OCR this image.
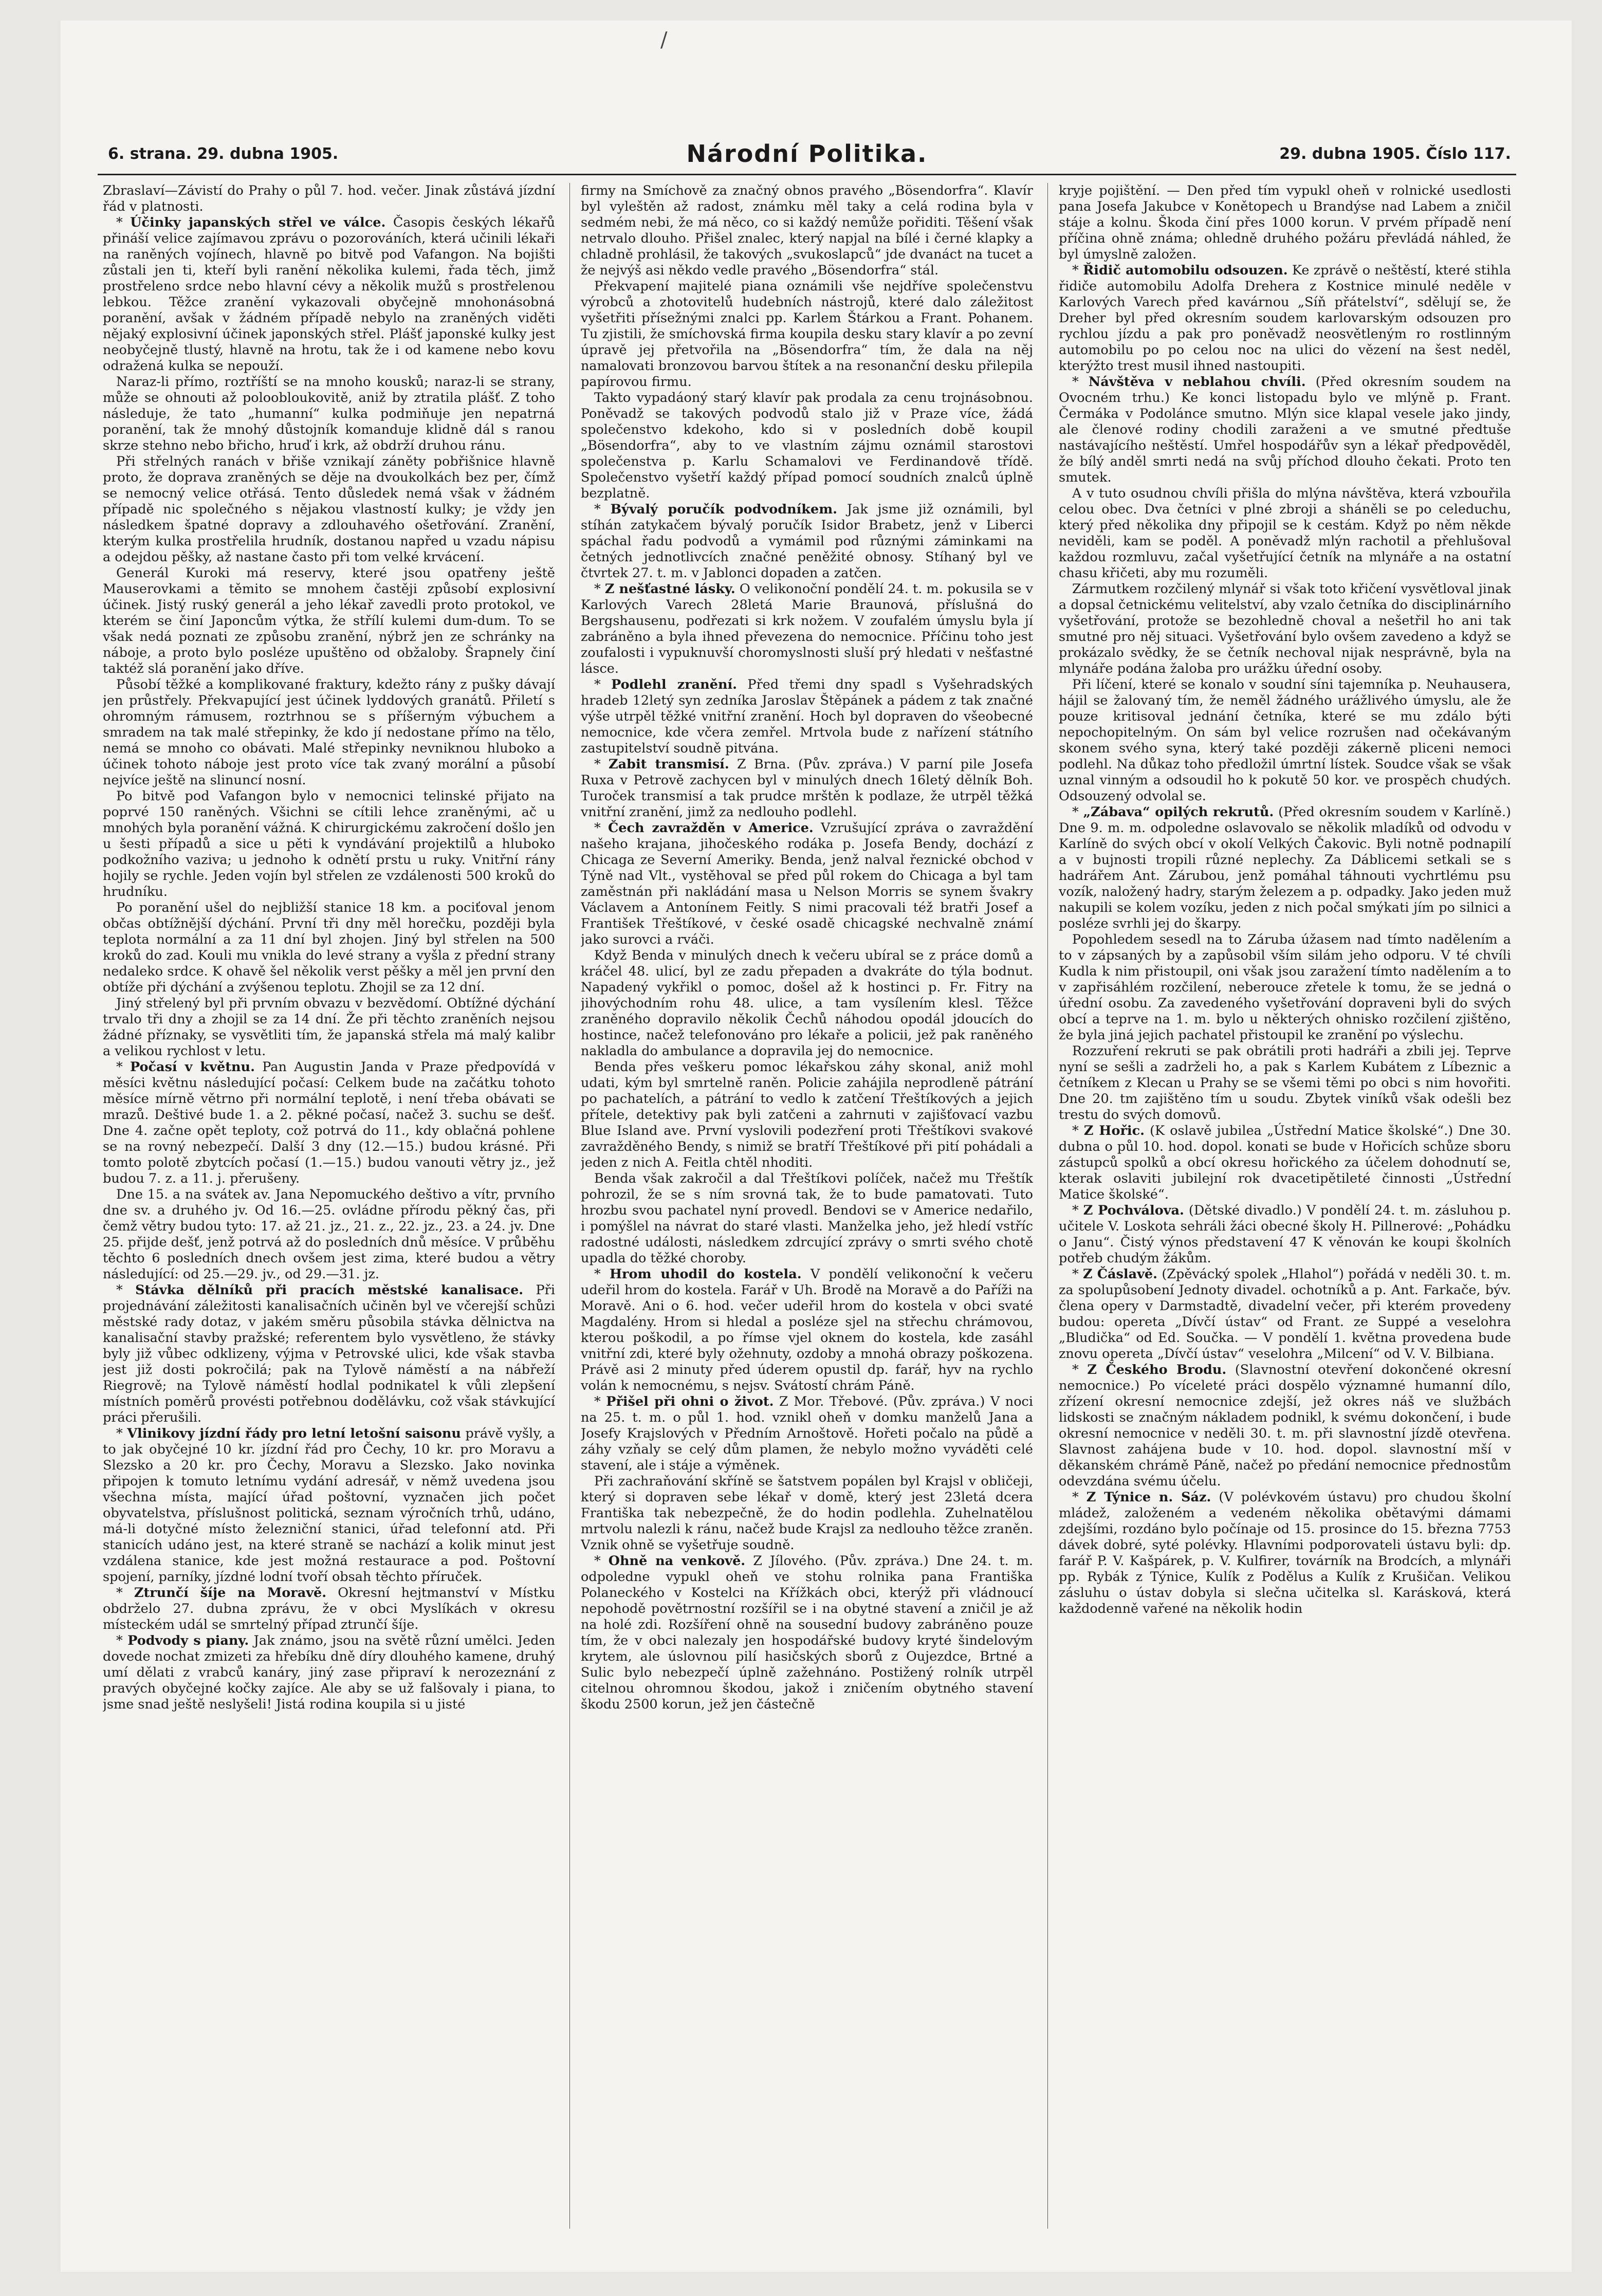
/
6. strana. 29. dubna 1905.	Národní Politika.	29. dubna 1905. Číslo 117.

Zbraslaví—Závistí do Prahy o půl 7. hod. večer. Jinak zůstává jízdní řád v platnosti.

* Účinky japanských střel ve válce. Časopis českých lékařů přináší velice zajímavou zprávu o pozorováních, která učinili lékaři na raněných vojínech, hlavně po bitvě pod Vafangon. Na bojišti zůstali jen ti, kteří byli ranění několika kulemi, řada těch, jimž prostřeleno srdce nebo hlavní cévy a několik mužů s prostřelenou lebkou. Těžce zranění vykazovali obyčejně mnohonásobná poranění, avšak v žádném případě nebylo na zraněných viděti nějaký explosivní účinek japonských střel. Plášť japonské kulky jest neobyčejně tlustý, hlavně na hrotu, tak že i od kamene nebo kovu odražená kulka se nepouží.

Naraz-li přímo, roztříští se na mnoho kousků; naraz-li se strany, může se ohnouti až poloobloukovitě, aniž by ztratila plášť. Z toho následuje, že tato „humanní“ kulka podmiňuje jen nepatrná poranění, tak že mnohý důstojník komanduje klidně dál s ranou skrze stehno nebo břicho, hruď i krk, až obdrží druhou ránu.

Při střelných ranách v břiše vznikají záněty pobřišnice hlavně proto, že doprava zraněných se děje na dvoukolkách bez per, čímž se nemocný velice otřásá. Tento důsledek nemá však v žádném případě nic společného s nějakou vlastností kulky; je vždy jen následkem špatné dopravy a zdlouhavého ošetřování. Zranění, kterým kulka prostřelila hrudník, dostanou napřed u vzadu nápisu a odejdou pěšky, až nastane často při tom velké krvácení.

Generál Kuroki má reservy, které jsou opatřeny ještě Mauserovkami a těmito se mnohem častěji způsobí explosivní účinek. Jistý ruský generál a jeho lékař zavedli proto protokol, ve kterém se činí Japoncům výtka, že střílí kulemi dum-dum. To se však nedá poznati ze způsobu zranění, nýbrž jen ze schránky na náboje, a proto bylo posléze upuštěno od obžaloby. Šrapnely činí taktéž slá poranění jako dříve.

Působí těžké a komplikované fraktury, kdežto rány z pušky dávají jen průstřely. Překvapující jest účinek lyddových granátů. Přiletí s ohromným rámusem, roztrhnou se s příšerným výbuchem a smradem na tak malé střepinky, že kdo jí nedostane přímo na tělo, nemá se mnoho co obávati. Malé střepinky nevniknou hluboko a účinek tohoto náboje jest proto více tak zvaný morální a působí nejvíce ještě na slinuncí nosní.

Po bitvě pod Vafangon bylo v nemocnici telinské přijato na poprvé 150 raněných. Všichni se cítili lehce zraněnými, ač u mnohých byla poranění vážná. K chirurgickému zakročení došlo jen u šesti případů a sice u pěti k vyndávání projektilů a hluboko podkožního vaziva; u jednoho k odnětí prstu u ruky. Vnitřní rány hojily se rychle. Jeden vojín byl střelen ze vzdálenosti 500 kroků do hrudníku.

Po poranění ušel do nejbližší stanice 18 km. a pociťoval jenom občas obtížnější dýchání. První tři dny měl horečku, později byla teplota normální a za 11 dní byl zhojen. Jiný byl střelen na 500 kroků do zad. Kouli mu vnikla do levé strany a vyšla z přední strany nedaleko srdce. K ohavě šel několik verst pěšky a měl jen první den obtíže při dýchání a zvýšenou teplotu. Zhojil se za 12 dní.

Jiný střelený byl při prvním obvazu v bezvědomí. Obtížné dýchání trvalo tři dny a zhojil se za 14 dní. Že při těchto zraněních nejsou žádné příznaky, se vysvětliti tím, že japanská střela má malý kalibr a velikou rychlost v letu.

* Počasí v květnu. Pan Augustin Janda v Praze předpovídá v měsíci květnu následující počasí: Celkem bude na začátku tohoto měsíce mírně větrno při normální teplotě, i není třeba obávati se mrazů. Deštivé bude 1. a 2. pěkné počasí, načež 3. suchu se dešť. Dne 4. začne opět teploty, což potrvá do 11., kdy oblačná pohlene se na rovný nebezpečí. Další 3 dny (12.—15.) budou krásné. Při tomto polotě zbytcích počasí (1.—15.) budou vanouti větry jz., jež budou 7. z. a 11. j. přerušeny.

Dne 15. a na svátek av. Jana Nepomuckého deštivo a vítr, prvního dne sv. a druhého jv. Od 16.—25. ovládne přírodu pěkný čas, při čemž větry budou tyto: 17. až 21. jz., 21. z., 22. jz., 23. a 24. jv. Dne 25. přijde dešť, jenž potrvá až do posledních dnů měsíce. V průběhu těchto 6 posledních dnech ovšem jest zima, které budou a větry následující: od 25.—29. jv., od 29.—31. jz.

* Stávka dělníků při pracích městské kanalisace. Při projednávání záležitosti kanalisačních učiněn byl ve včerejší schůzi městské rady dotaz, v jakém směru působila stávka dělnictva na kanalisační stavby pražské; referentem bylo vysvětleno, že stávky byly již vůbec odklizeny, výjma v Petrovské ulici, kde však stavba jest již dosti pokročilá; pak na Tylově náměstí a na nábřeží Riegrově; na Tylově náměstí hodlal podnikatel k vůli zlepšení místních poměrů provésti potřebnou dodělávku, což však stávkující práci přerušili.

* Vlinikovy jízdní řády pro letní letošní saisonu právě vyšly, a to jak obyčejné 10 kr. jízdní řád pro Čechy, 10 kr. pro Moravu a Slezsko a 20 kr. pro Čechy, Moravu a Slezsko. Jako novinka připojen k tomuto letnímu vydání adresář, v němž uvedena jsou všechna místa, mající úřad poštovní, vyznačen jich počet obyvatelstva, příslušnost politická, seznam výročních trhů, udáno, má-li dotyčné místo železniční stanici, úřad telefonní atd. Při stanicích udáno jest, na které straně se nachází a kolik minut jest vzdálena stanice, kde jest možná restaurace a pod. Poštovní spojení, parníky, jízdné lodní tvoří obsah těchto příruček.

* Ztrunčí šíje na Moravě. Okresní hejtmanství v Místku obdrželo 27. dubna zprávu, že v obci Myslíkách v okresu místeckém udál se smrtelný případ ztrunčí šíje.

* Podvody s piany. Jak známo, jsou na světě různí umělci. Jeden dovede nochat zmizeti za hřebíku dně díry dlouhého kamene, druhý umí dělati z vrabců kanáry, jiný zase připraví k nerozeznání z pravých obyčejné kočky zajíce. Ale aby se už falšovaly i piana, to jsme snad ještě neslyšeli! Jistá rodina koupila si u jisté

firmy na Smíchově za značný obnos pravého „Bösendorfra“. Klavír byl vyleštěn až radost, známku měl taky a celá rodina byla v sedmém nebi, že má něco, co si každý nemůže pořiditi. Těšení však netrvalo dlouho. Přišel znalec, který napjal na bílé i černé klapky a chladně prohlásil, že takových „svukoslapců“ jde dvanáct na tucet a že nejvýš asi někdo vedle pravého „Bösendorfra“ stál.

Překvapení majitelé piana oznámili vše nejdříve společenstvu výrobců a zhotovitelů hudebních nástrojů, které dalo záležitost vyšetřiti přísežnými znalci pp. Karlem Štárkou a Frant. Pohanem. Tu zjistili, že smíchovská firma koupila desku stary klavír a po zevní úpravě jej přetvořila na „Bösendorfra“ tím, že dala na něj namalovati bronzovou barvou štítek a na resonanční desku přilepila papírovou firmu.

Takto vypadáoný starý klavír pak prodala za cenu trojnásobnou. Poněvadž se takových podvodů stalo již v Praze více, žádá společenstvo kdekoho, kdo si v posledních době koupil „Bösendorfra“, aby to ve vlastním zájmu oznámil starostovi společenstva p. Karlu Schamalovi ve Ferdinandově třídě. Společenstvo vyšetří každý případ pomocí soudních znalců úplně bezplatně.

* Bývalý poručík podvodníkem. Jak jsme již oznámili, byl stíhán zatykačem bývalý poručík Isidor Brabetz, jenž v Liberci spáchal řadu podvodů a vymámil pod různými záminkami na četných jednotlivcích značné peněžité obnosy. Stíhaný byl ve čtvrtek 27. t. m. v Jablonci dopaden a zatčen.

* Z nešťastné lásky. O velikonoční pondělí 24. t. m. pokusila se v Karlových Varech 28letá Marie Braunová, příslušná do Bergshausenu, podřezati si krk nožem. V zoufalém úmyslu byla jí zabráněno a byla ihned převezena do nemocnice. Příčinu toho jest zoufalosti i vypuknuvší choromyslnosti sluší prý hledati v nešťastné lásce.

* Podlehl zranění. Před třemi dny spadl s Vyšehradských hradeb 12letý syn zedníka Jaroslav Štěpánek a pádem z tak značné výše utrpěl těžké vnitřní zranění. Hoch byl dopraven do všeobecné nemocnice, kde včera zemřel. Mrtvola bude z nařízení státního zastupitelství soudně pitvána.

* Zabit transmisí. Z Brna. (Pův. zpráva.) V parní pile Josefa Ruxa v Petrově zachycen byl v minulých dnech 16letý dělník Boh. Turoček transmisí a tak prudce mrštěn k podlaze, že utrpěl těžká vnitřní zranění, jimž za nedlouho podlehl.

* Čech zavražděn v Americe. Vzrušující zpráva o zavraždění našeho krajana, jihočeského rodáka p. Josefa Bendy, dochází z Chicaga ze Severní Ameriky. Benda, jenž nalval řeznické obchod v Týně nad Vlt., vystěhoval se před půl rokem do Chicaga a byl tam zaměstnán při nakládání masa u Nelson Morris se synem švakry Václavem a Antonínem Feitly. S nimi pracovali též bratři Josef a František Třeštíkové, v české osadě chicagské nechvalně známí jako surovci a rváči.

Když Benda v minulých dnech k večeru ubíral se z práce domů a kráčel 48. ulicí, byl ze zadu přepaden a dvakráte do týla bodnut. Napadený vykřikl o pomoc, došel až k hostinci p. Fr. Fitry na jihovýchodním rohu 48. ulice, a tam vysílením klesl. Těžce zraněného dopravilo několik Čechů náhodou opodál jdoucích do hostince, načež telefonováno pro lékaře a policii, jež pak raněného nakladla do ambulance a dopravila jej do nemocnice.

Benda přes veškeru pomoc lékařskou záhy skonal, aniž mohl udati, kým byl smrtelně raněn. Policie zahájila neprodleně pátrání po pachatelích, a pátrání to vedlo k zatčení Třeštíkových a jejich přítele, detektivy pak byli zatčeni a zahrnuti v zajišťovací vazbu Blue Island ave. První vyslovili podezření proti Třeštíkovi svakové zavražděného Bendy, s nimiž se bratří Třeštíkové při pití pohádali a jeden z nich A. Feitla chtěl nhoditi.

Benda však zakročil a dal Třeštíkovi políček, načež mu Třeštík pohrozil, že se s ním srovná tak, že to bude pamatovati. Tuto hrozbu svou pachatel nyní provedl. Bendovi se v Americe nedařilo, i pomýšlel na návrat do staré vlasti. Manželka jeho, jež hledí vstříc radostné události, následkem zdrcující zprávy o smrti svého chotě upadla do těžké choroby.

* Hrom uhodil do kostela. V pondělí velikonoční k večeru udeřil hrom do kostela. Farář v Uh. Brodě na Moravě a do Paříži na Moravě. Ani o 6. hod. večer udeřil hrom do kostela v obci svaté Magdalény. Hrom si hledal a posléze sjel na střechu chrámovou, kterou poškodil, a po římse vjel oknem do kostela, kde zasáhl vnitřní zdi, které byly ožehnuty, ozdoby a mnohá obrazy poškozena. Právě asi 2 minuty před úderem opustil dp. farář, hyv na rychlo volán k nemocnému, s nejsv. Svátostí chrám Páně.

* Přišel při ohni o život. Z Mor. Třebové. (Pův. zpráva.) V noci na 25. t. m. o půl 1. hod. vznikl oheň v domku manželů Jana a Josefy Krajslových v Předním Arnoštově. Hořeti počalo na půdě a záhy vzňaly se celý dům plamen, že nebylo možno vyváděti celé stavení, ale i stáje a výměnek.

Při zachraňování skříně se šatstvem popálen byl Krajsl v obličeji, který si dopraven sebe lékař v domě, který jest 23letá dcera Františka tak nebezpečně, že do hodin podlehla. Zuhelnatělou mrtvolu nalezli k ránu, načež bude Krajsl za nedlouho těžce zraněn. Vznik ohně se vyšetřuje soudně.

* Ohně na venkově. Z Jílového. (Pův. zpráva.) Dne 24. t. m. odpoledne vypukl oheň ve stohu rolnika pana Františka Polaneckého v Kostelci na Křížkách obci, kterýž při vládnoucí nepohodě povětrnostní rozšířil se i na obytné stavení a zničil je až na holé zdi. Rozšíření ohně na sousední budovy zabráněno pouze tím, že v obci nalezaly jen hospodářské budovy kryté šindelovým krytem, ale úslovnou pilí hasičských sborů z Oujezdce, Brtné a Sulic bylo nebezpečí úplně zažehnáno. Postižený rolník utrpěl citelnou ohromnou škodou, jakož i zničením obytného stavení škodu 2500 korun, jež jen částečně

kryje pojištění. — Den před tím vypukl oheň v rolnické usedlosti pana Josefa Jakubce v Konětopech u Brandýse nad Labem a zničil stáje a kolnu. Škoda činí přes 1000 korun. V prvém případě není příčina ohně známa; ohledně druhého požáru převládá náhled, že byl úmyslně založen.

* Řidič automobilu odsouzen. Ke zprávě o neštěstí, které stihla řidiče automobilu Adolfa Drehera z Kostnice minulé neděle v Karlových Varech před kavárnou „Síň přátelství“, sdělují se, že Dreher byl před okresním soudem karlovarským odsouzen pro rychlou jízdu a pak pro poněvadž neosvětleným ro rostlinným automobilu po po celou noc na ulici do vězení na šest neděl, kterýžto trest musil ihned nastoupiti.

* Návštěva v neblahou chvíli. (Před okresním soudem na Ovocném trhu.) Ke konci listopadu bylo ve mlýně p. Frant. Čermáka v Podolánce smutno. Mlýn sice klapal vesele jako jindy, ale členové rodiny chodili zaraženi a ve smutné předtuše nastávajícího neštěstí. Umřel hospodářův syn a lékař předpověděl, že bílý anděl smrti nedá na svůj příchod dlouho čekati. Proto ten smutek.

A v tuto osudnou chvíli přišla do mlýna návštěva, která vzbouřila celou obec. Dva četníci v plné zbroji a sháněli se po celeduchu, který před několika dny připojil se k cestám. Když po něm někde neviděli, kam se poděl. A poněvadž mlýn rachotil a přehlušoval každou rozmluvu, začal vyšetřující četník na mlynáře a na ostatní chasu křičeti, aby mu rozuměli.

Zármutkem rozčilený mlynář si však toto křičení vysvětloval jinak a dopsal četnickému velitelství, aby vzalo četníka do disciplinárního vyšetřování, protože se bezohledně choval a nešetřil ho ani tak smutné pro něj situaci. Vyšetřování bylo ovšem zavedeno a když se prokázalo svědky, že se četník nechoval nijak nesprávně, byla na mlynáře podána žaloba pro urážku úřední osoby.

Při líčení, které se konalo v soudní síni tajemníka p. Neuhausera, hájil se žalovaný tím, že neměl žádného urážlivého úmyslu, ale že pouze kritisoval jednání četníka, které se mu zdálo býti nepochopitelným. On sám byl velice rozrušen nad očekávaným skonem svého syna, který také později zákerně pliceni nemoci podlehl. Na důkaz toho předložil úmrtní lístek. Soudce však se však uznal vinným a odsoudil ho k pokutě 50 kor. ve prospěch chudých. Odsouzený odvolal se.

* „Zábava“ opilých rekrutů. (Před okresním soudem v Karlíně.) Dne 9. m. m. odpoledne oslavovalo se několik mladíků od odvodu v Karlíně do svých obcí v okolí Velkých Čakovic. Byli notně podnapilí a v bujnosti tropili různé neplechy. Za Dáblicemi setkali se s hadrářem Ant. Zárubou, jenž pomáhal táhnouti vychrtlému psu vozík, naložený hadry, starým železem a p. odpadky. Jako jeden muž nakupili se kolem vozíku, jeden z nich počal smýkati jím po silnici a posléze svrhli jej do škarpy.

Popohledem sesedl na to Záruba úžasem nad tímto nadělením a to v zápsaných by a zapůsobil vším silám jeho odporu. V té chvíli Kudla k nim přistoupil, oni však jsou zaražení tímto nadělením a to v zapřisáhlém rozčilení, neberouce zřetele k tomu, že se jedná o úřední osobu. Za zavedeného vyšetřování dopraveni byli do svých obcí a teprve na 1. m. bylo u některých ohnisko rozčilení zjištěno, že byla jiná jejich pachatel přistoupil ke zranění po výslechu.

Rozzuření rekruti se pak obrátili proti hadráři a zbili jej. Teprve nyní se sešli a zadrželi ho, a pak s Karlem Kubátem z Líbeznic a četníkem z Klecan u Prahy se se všemi těmi po obci s nim hovořiti. Dne 20. tm zajištěno tím u soudu. Zbytek viníků však odešli bez trestu do svých domovů.

* Z Hořic. (K oslavě jubilea „Ústřední Matice školské“.) Dne 30. dubna o půl 10. hod. dopol. konati se bude v Hořicích schůze sboru zástupců spolků a obcí okresu hořického za účelem dohodnutí se, kterak oslaviti jubilejní rok dvacetipětileté činnosti „Ústřední Matice školské“.

* Z Pochválova. (Dětské divadlo.) V pondělí 24. t. m. zásluhou p. učitele V. Loskota sehráli žáci obecné školy H. Pillnerové: „Pohádku o Janu“. Čistý výnos představení 47 K věnován ke koupi školních potřeb chudým žákům.

* Z Čáslavě. (Zpěvácký spolek „Hlahol“) pořádá v neděli 30. t. m. za spolupůsobení Jednoty divadel. ochotníků a p. Ant. Farkače, býv. člena opery v Darmstadtě, divadelní večer, při kterém provedeny budou: opereta „Dívčí ústav“ od Frant. ze Suppé a veselohra „Bludička“ od Ed. Součka. — V pondělí 1. května provedena bude znovu opereta „Dívčí ústav“ veselohra „Milcení“ od V. V. Bilbiana.

* Z Českého Brodu. (Slavnostní otevření dokončené okresní nemocnice.) Po víceleté práci dospělo významné humanní dílo, zřízení okresní nemocnice zdejší, jež okres náš ve službách lidskosti se značným nákladem podnikl, k svému dokončení, i bude okresní nemocnice v neděli 30. t. m. při slavnostní jízdě otevřena. Slavnost zahájena bude v 10. hod. dopol. slavnostní mší v děkanském chrámě Páně, načež po předání nemocnice přednostům odevzdána svému účelu.

* Z Týnice n. Sáz. (V polévkovém ústavu) pro chudou školní mládež, založeném a vedeném několika obětavými dámami zdejšími, rozdáno bylo počínaje od 15. prosince do 15. března 7753 dávek dobré, syté polévky. Hlavními podporovateli ústavu byli: dp. farář P. V. Kašpárek, p. V. Kulfirer, továrník na Brodcích, a mlynáři pp. Rybák z Týnice, Kulík z Podělus a Kulík z Krušičan. Velikou zásluhu o ústav dobyla si slečna učitelka sl. Karásková, která každodenně vařené na několik hodin
